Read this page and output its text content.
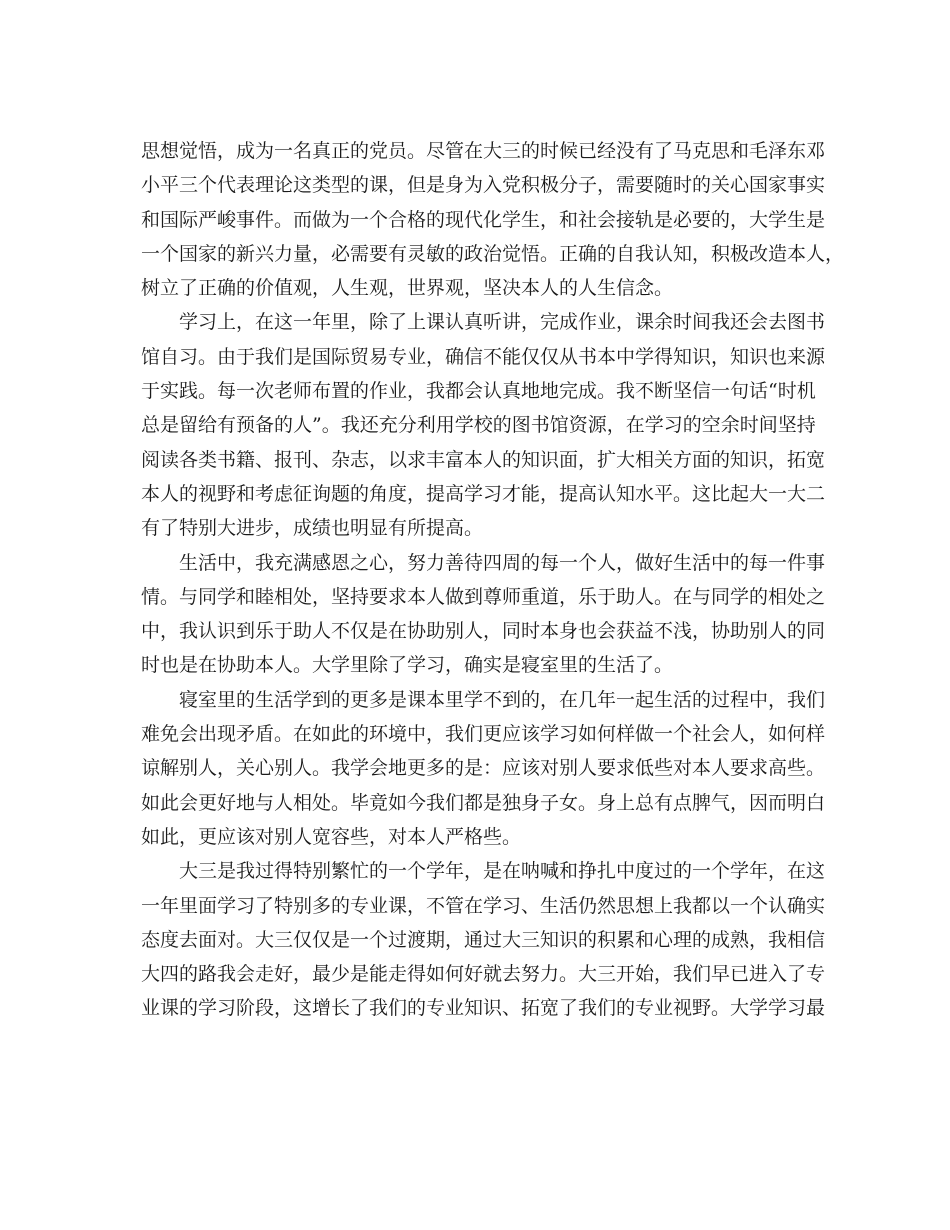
思想觉悟，成为一名真正的党员。尽管在大三的时候已经没有了马克思和毛泽东邓
小平三个代表理论这类型的课，但是身为入党积极分子，需要随时的关心国家事实
和国际严峻事件。而做为一个合格的现代化学生，和社会接轨是必要的，大学生是
一个国家的新兴力量，必需要有灵敏的政治觉悟。正确的自我认知，积极改造本人，
树立了正确的价值观，人生观，世界观，坚决本人的人生信念。
学习上，在这一年里，除了上课认真听讲，完成作业，课余时间我还会去图书
馆自习。由于我们是国际贸易专业，确信不能仅仅从书本中学得知识，知识也来源
于实践。每一次老师布置的作业，我都会认真地地完成。我不断坚信一句话“时机
总是留给有预备的人”。我还充分利用学校的图书馆资源，在学习的空余时间坚持
阅读各类书籍、报刊、杂志，以求丰富本人的知识面，扩大相关方面的知识，拓宽
本人的视野和考虑征询题的角度，提高学习才能，提高认知水平。这比起大一大二
有了特别大进步，成绩也明显有所提高。
生活中，我充满感恩之心，努力善待四周的每一个人，做好生活中的每一件事
情。与同学和睦相处，坚持要求本人做到尊师重道，乐于助人。在与同学的相处之
中，我认识到乐于助人不仅是在协助别人，同时本身也会获益不浅，协助别人的同
时也是在协助本人。大学里除了学习，确实是寝室里的生活了。
寝室里的生活学到的更多是课本里学不到的，在几年一起生活的过程中，我们
难免会出现矛盾。在如此的环境中，我们更应该学习如何样做一个社会人，如何样
谅解别人，关心别人。我学会地更多的是：应该对别人要求低些对本人要求高些。
如此会更好地与人相处。毕竟如今我们都是独身子女。身上总有点脾气，因而明白
如此，更应该对别人宽容些，对本人严格些。
大三是我过得特别繁忙的一个学年，是在呐喊和挣扎中度过的一个学年，在这
一年里面学习了特别多的专业课，不管在学习、生活仍然思想上我都以一个认确实
态度去面对。大三仅仅是一个过渡期，通过大三知识的积累和心理的成熟，我相信
大四的路我会走好，最少是能走得如何好就去努力。大三开始，我们早已进入了专
业课的学习阶段，这增长了我们的专业知识、拓宽了我们的专业视野。大学学习最
